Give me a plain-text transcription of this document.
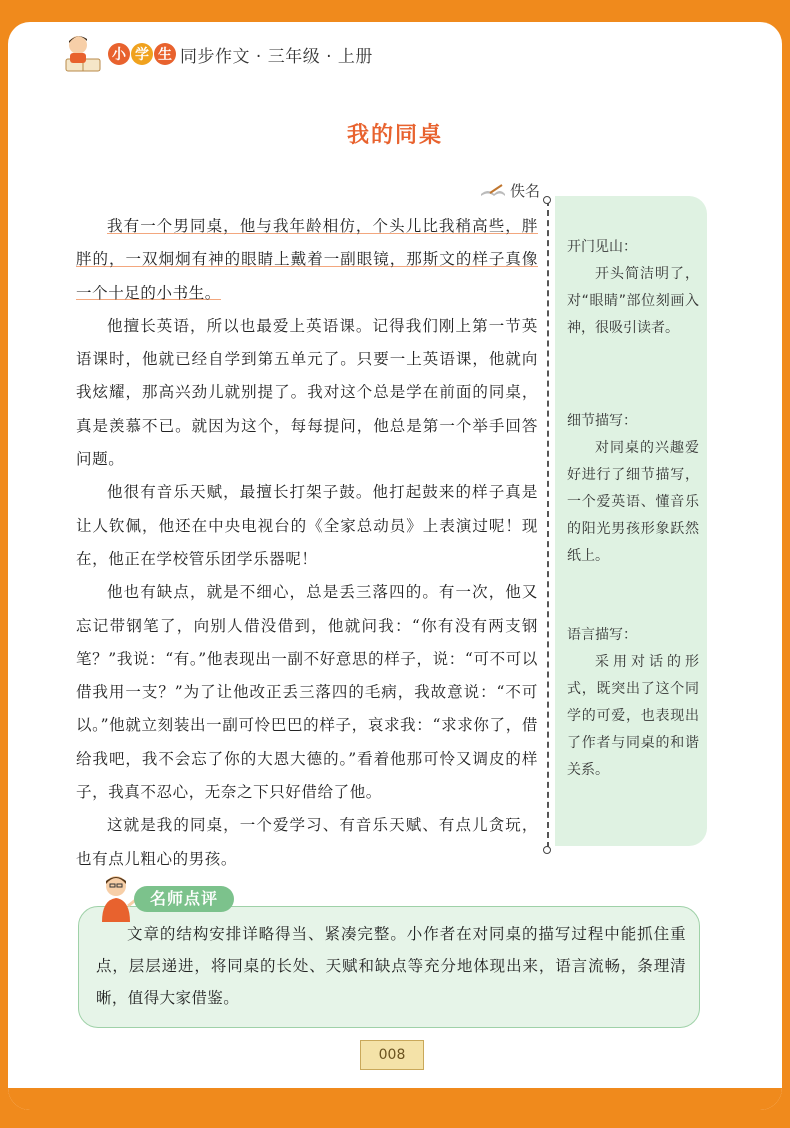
小 学 生 同步作文 · 三年级 · 上册
我的同桌
佚名

我有一个男同桌，他与我年龄相仿，个头儿比我稍高些，胖胖的，一双炯炯有神的眼睛上戴着一副眼镜，那斯文的样子真像一个十足的小书生。

他擅长英语，所以也最爱上英语课。记得我们刚上第一节英语课时，他就已经自学到第五单元了。只要一上英语课，他就向我炫耀，那高兴劲儿就别提了。我对这个总是学在前面的同桌，真是羡慕不已。就因为这个，每每提问，他总是第一个举手回答问题。

他很有音乐天赋，最擅长打架子鼓。他打起鼓来的样子真是让人钦佩，他还在中央电视台的《全家总动员》上表演过呢！现在，他正在学校管乐团学乐器呢！

他也有缺点，就是不细心，总是丢三落四的。有一次，他又忘记带钢笔了，向别人借没借到，他就问我：“你有没有两支钢笔？”我说：“有。”他表现出一副不好意思的样子，说：“可不可以借我用一支？”为了让他改正丢三落四的毛病，我故意说：“不可以。”他就立刻装出一副可怜巴巴的样子，哀求我：“求求你了，借给我吧，我不会忘了你的大恩大德的。”看着他那可怜又调皮的样子，我真不忍心，无奈之下只好借给了他。

这就是我的同桌，一个爱学习、有音乐天赋、有点儿贪玩，也有点儿粗心的男孩。

开门见山：

开头简洁明了，对“眼睛”部位刻画入神，很吸引读者。

细节描写：

对同桌的兴趣爱好进行了细节描写，一个爱英语、懂音乐的阳光男孩形象跃然纸上。

语言描写：

采用对话的形式，既突出了这个同学的可爱，也表现出了作者与同桌的和谐关系。

名师点评

文章的结构安排详略得当、紧凑完整。小作者在对同桌的描写过程中能抓住重点，层层递进，将同桌的长处、天赋和缺点等充分地体现出来，语言流畅，条理清晰，值得大家借鉴。

008
